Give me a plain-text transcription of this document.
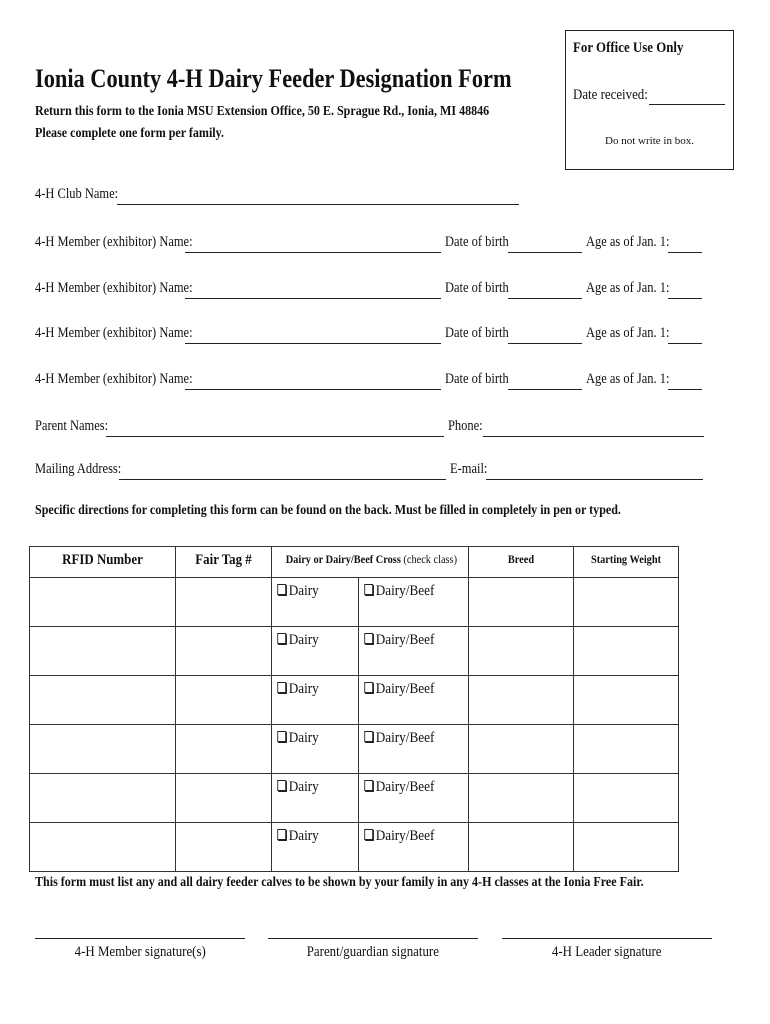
Ionia County 4-H Dairy Feeder Designation Form
Return this form to the Ionia MSU Extension Office, 50 E. Sprague Rd., Ionia, MI 48846
Please complete one form per family.
For Office Use Only
Date received:
Do not write in box.
4-H Club Name:
4-H Member (exhibitor) Name:	Date of birth	Age as of Jan. 1:
4-H Member (exhibitor) Name:	Date of birth	Age as of Jan. 1:
4-H Member (exhibitor) Name:	Date of birth	Age as of Jan. 1:
4-H Member (exhibitor) Name:	Date of birth	Age as of Jan. 1:
Parent Names:	Phone:
Mailing Address:	E-mail:
Specific directions for completing this form can be found on the back. Must be filled in completely in pen or typed.
RFID Number	Fair Tag #	Dairy or Dairy/Beef Cross (check class)		Breed	Starting Weight

		Dairy	Dairy/Beef		
		Dairy	Dairy/Beef		
		Dairy	Dairy/Beef		
		Dairy	Dairy/Beef		
		Dairy	Dairy/Beef		
		Dairy	Dairy/Beef		
This form must list any and all dairy feeder calves to be shown by your family in any 4-H classes at the Ionia Free Fair.
4-H Member signature(s)	Parent/guardian signature	4-H Leader signature
